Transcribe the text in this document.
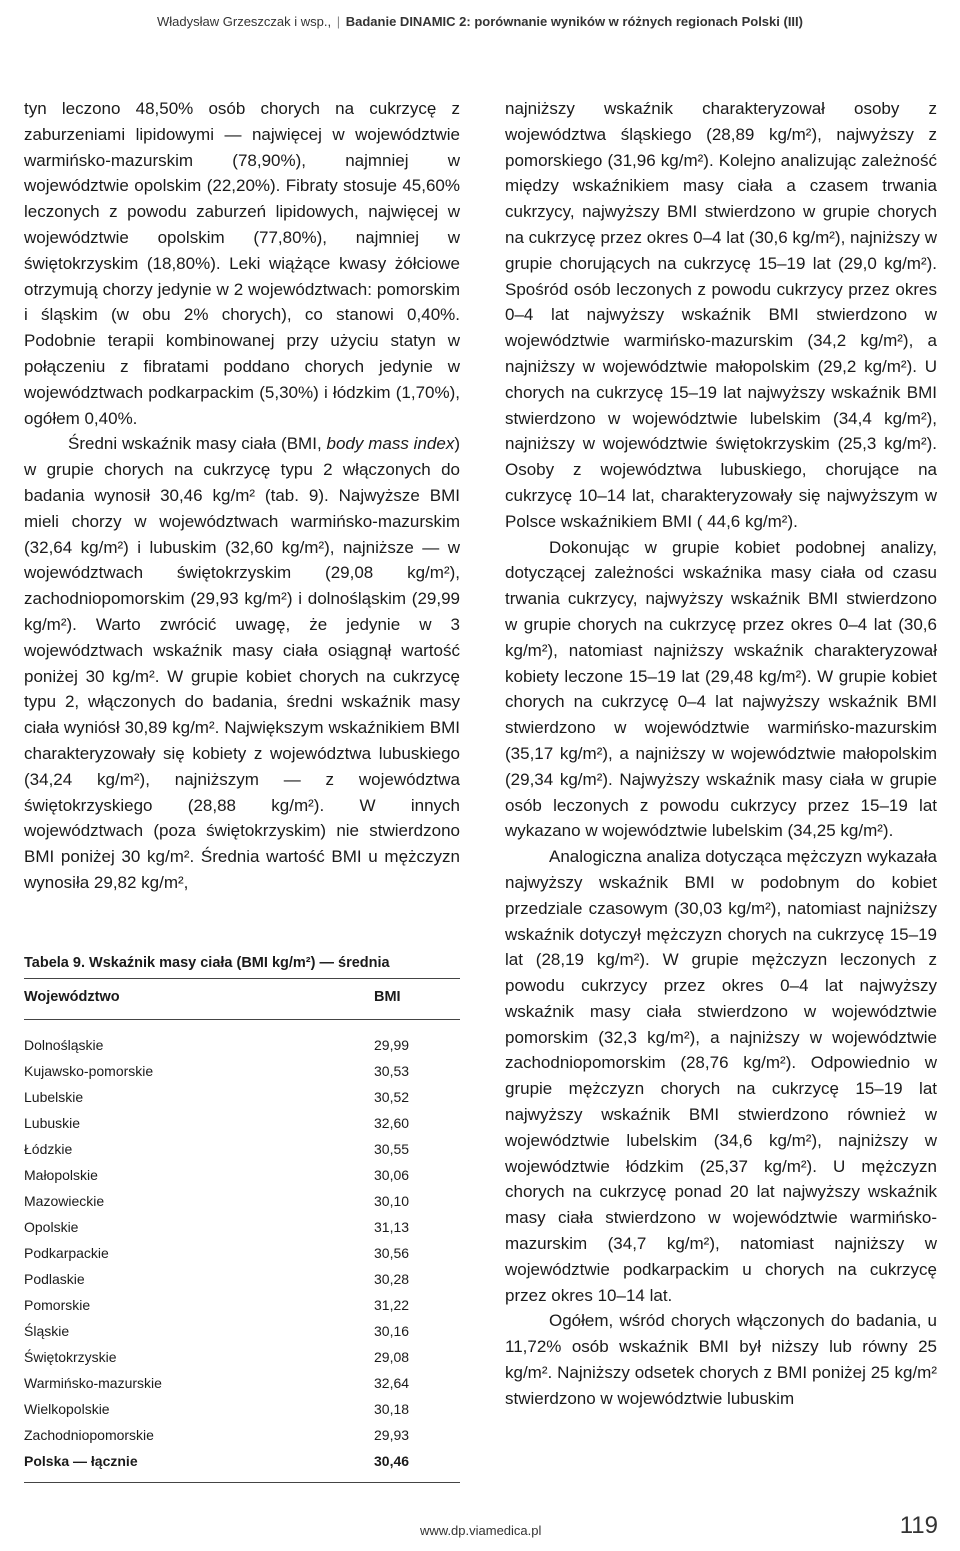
Władysław Grzeszczak i wsp., | Badanie DINAMIC 2: porównanie wyników w różnych regionach Polski (III)

tyn leczono 48,50% osób chorych na cukrzycę z zaburzeniami lipidowymi — najwięcej w województwie warmińsko-mazurskim (78,90%), najmniej w województwie opolskim (22,20%). Fibraty stosuje 45,60% leczonych z powodu zaburzeń lipidowych, najwięcej w województwie opolskim (77,80%), najmniej w świętokrzyskim (18,80%). Leki wiążące kwasy żółciowe otrzymują chorzy jedynie w 2 województwach: pomorskim i śląskim (w obu 2% chorych), co stanowi 0,40%. Podobnie terapii kombinowanej przy użyciu statyn w połączeniu z fibratami poddano chorych jedynie w województwach podkarpackim (5,30%) i łódzkim (1,70%), ogółem 0,40%.

Średni wskaźnik masy ciała (BMI, body mass index) w grupie chorych na cukrzycę typu 2 włączonych do badania wynosił 30,46 kg/m² (tab. 9). Najwyższe BMI mieli chorzy w województwach warmińsko-mazurskim (32,64 kg/m²) i lubuskim (32,60 kg/m²), najniższe — w województwach świętokrzyskim (29,08 kg/m²), zachodniopomorskim (29,93 kg/m²) i dolnośląskim (29,99 kg/m²). Warto zwrócić uwagę, że jedynie w 3 województwach wskaźnik masy ciała osiągnął wartość poniżej 30 kg/m². W grupie kobiet chorych na cukrzycę typu 2, włączonych do badania, średni wskaźnik masy ciała wyniósł 30,89 kg/m². Największym wskaźnikiem BMI charakteryzowały się kobiety z województwa lubuskiego (34,24 kg/m²), najniższym — z województwa świętokrzyskiego (28,88 kg/m²). W innych województwach (poza świętokrzyskim) nie stwierdzono BMI poniżej 30 kg/m². Średnia wartość BMI u mężczyzn wynosiła 29,82 kg/m²,

Tabela 9. Wskaźnik masy ciała (BMI kg/m²) — średnia
Województwo	BMI
Dolnośląskie	29,99
Kujawsko-pomorskie	30,53
Lubelskie	30,52
Lubuskie	32,60
Łódzkie	30,55
Małopolskie	30,06
Mazowieckie	30,10
Opolskie	31,13
Podkarpackie	30,56
Podlaskie	30,28
Pomorskie	31,22
Śląskie	30,16
Świętokrzyskie	29,08
Warmińsko-mazurskie	32,64
Wielkopolskie	30,18
Zachodniopomorskie	29,93
Polska — łącznie	30,46

najniższy wskaźnik charakteryzował osoby z województwa śląskiego (28,89 kg/m²), najwyższy z pomorskiego (31,96 kg/m²). Kolejno analizując zależność między wskaźnikiem masy ciała a czasem trwania cukrzycy, najwyższy BMI stwierdzono w grupie chorych na cukrzycę przez okres 0–4 lat (30,6 kg/m²), najniższy w grupie chorujących na cukrzycę 15–19 lat (29,0 kg/m²). Spośród osób leczonych z powodu cukrzycy przez okres 0–4 lat najwyższy wskaźnik BMI stwierdzono w województwie warmińsko-mazurskim (34,2 kg/m²), a najniższy w województwie małopolskim (29,2 kg/m²). U chorych na cukrzycę 15–19 lat najwyższy wskaźnik BMI stwierdzono w województwie lubelskim (34,4 kg/m²), najniższy w województwie świętokrzyskim (25,3 kg/m²). Osoby z województwa lubuskiego, chorujące na cukrzycę 10–14 lat, charakteryzowały się najwyższym w Polsce wskaźnikiem BMI ( 44,6 kg/m²).

Dokonując w grupie kobiet podobnej analizy, dotyczącej zależności wskaźnika masy ciała od czasu trwania cukrzycy, najwyższy wskaźnik BMI stwierdzono w grupie chorych na cukrzycę przez okres 0–4 lat (30,6 kg/m²), natomiast najniższy wskaźnik charakteryzował kobiety leczone 15–19 lat (29,48 kg/m²). W grupie kobiet chorych na cukrzycę 0–4 lat najwyższy wskaźnik BMI stwierdzono w województwie warmińsko-mazurskim (35,17 kg/m²), a najniższy w województwie małopolskim (29,34 kg/m²). Najwyższy wskaźnik masy ciała w grupie osób leczonych z powodu cukrzycy przez 15–19 lat wykazano w województwie lubelskim (34,25 kg/m²).

Analogiczna analiza dotycząca mężczyzn wykazała najwyższy wskaźnik BMI w podobnym do kobiet przedziale czasowym (30,03 kg/m²), natomiast najniższy wskaźnik dotyczył mężczyzn chorych na cukrzycę 15–19 lat (28,19 kg/m²). W grupie mężczyzn leczonych z powodu cukrzycy przez okres 0–4 lat najwyższy wskaźnik masy ciała stwierdzono w województwie pomorskim (32,3 kg/m²), a najniższy w województwie zachodniopomorskim (28,76 kg/m²). Odpowiednio w grupie mężczyzn chorych na cukrzycę 15–19 lat najwyższy wskaźnik BMI stwierdzono również w województwie lubelskim (34,6 kg/m²), najniższy w województwie łódzkim (25,37 kg/m²). U mężczyzn chorych na cukrzycę ponad 20 lat najwyższy wskaźnik masy ciała stwierdzono w województwie warmińsko-mazurskim (34,7 kg/m²), natomiast najniższy w województwie podkarpackim u chorych na cukrzycę przez okres 10–14 lat.

Ogółem, wśród chorych włączonych do badania, u 11,72% osób wskaźnik BMI był niższy lub równy 25 kg/m². Najniższy odsetek chorych z BMI poniżej 25 kg/m² stwierdzono w województwie lubuskim

www.dp.viamedica.pl	119
